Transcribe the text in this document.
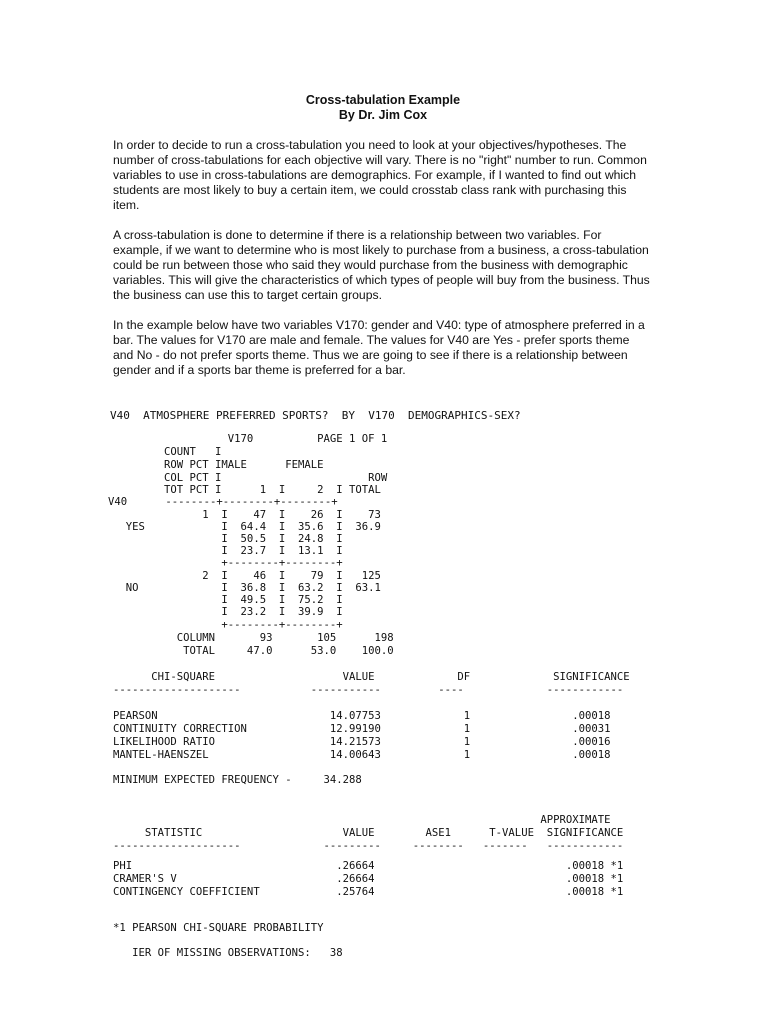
Cross-tabulation Example
By Dr. Jim Cox

In order to decide to run a cross-tabulation you need to look at your objectives/hypotheses. The number of cross-tabulations for each objective will vary. There is no "right" number to run. Common variables to use in cross-tabulations are demographics. For example, if I wanted to find out which students are most likely to buy a certain item, we could crosstab class rank with purchasing this item.

A cross-tabulation is done to determine if there is a relationship between two variables. For example, if we want to determine who is most likely to purchase from a business, a cross-tabulation could be run between those who said they would purchase from the business with demographic variables. This will give the characteristics of which types of people will buy from the business. Thus the business can use this to target certain groups.

In the example below have two variables V170: gender and V40: type of atmosphere preferred in a bar. The values for V170 are male and female. The values for V40 are Yes - prefer sports theme and No - do not prefer sports theme. Thus we are going to see if there is a relationship between gender and if a sports bar theme is preferred for a bar.

V40  ATMOSPHERE PREFERRED SPORTS?  BY  V170  DEMOGRAPHICS-SEX?
V170          PAGE 1 OF 1
COUNT   I
ROW PCT IMALE      FEMALE
COL PCT I                       ROW
TOT PCT I      1  I     2  I TOTAL
V40      --------+--------+--------+
1  I    47  I    26  I    73
YES            I  64.4  I  35.6  I  36.9
I  50.5  I  24.8  I
I  23.7  I  13.1  I
+--------+--------+
2  I    46  I    79  I   125
NO             I  36.8  I  63.2  I  63.1
I  49.5  I  75.2  I
I  23.2  I  39.9  I
+--------+--------+
COLUMN       93       105      198
TOTAL     47.0      53.0    100.0
CHI-SQUARE                    VALUE             DF             SIGNIFICANCE
--------------------           -----------         ----             ------------
PEARSON                           14.07753             1                .00018
CONTINUITY CORRECTION             12.99190             1                .00031
LIKELIHOOD RATIO                  14.21573             1                .00016
MANTEL-HAENSZEL                   14.00643             1                .00018
MINIMUM EXPECTED FREQUENCY -     34.288
APPROXIMATE
STATISTIC                      VALUE        ASE1      T-VALUE  SIGNIFICANCE
--------------------             ---------     --------   -------   ------------
PHI                                .26664                              .00018 *1
CRAMER'S V                         .26664                              .00018 *1
CONTINGENCY COEFFICIENT            .25764                              .00018 *1
*1 PEARSON CHI-SQUARE PROBABILITY
IER OF MISSING OBSERVATIONS:   38
